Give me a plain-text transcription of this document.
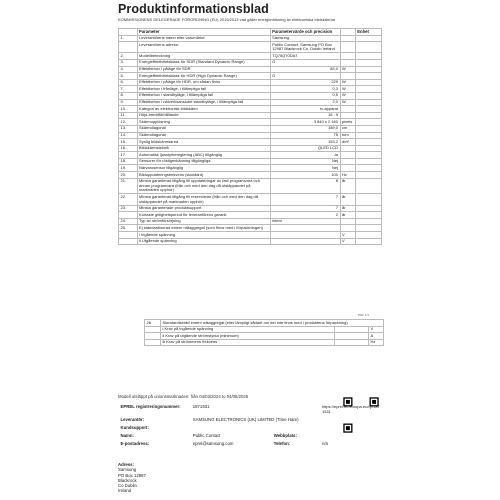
Produktinformationsblad
KOMMISSIONENS DELEGERADE FÖRORDNING (EU) 2019/2013 vad gäller energimärkning av elektroniska bildskärmar
	Parameter	Parametervärde och precision		Enhet
1.	Leverantörens namn eller varumärke:	Samsung		
	Leverantörens adress:	Public Contact, Samsung PO Box 12987 Blackrock Co. Dublin Ireland		
2.	Modellbeteckning	TQ75Q70DAT		
3.	Energieffektivitetsklass för SDR (Standard Dynamic Range)	G		
4.	Effektbehov i påläge för SDR	83,0	W	
5.	Energieffektivitetsklass för HDR (High Dynamic Range)	G		
6.	Effektbehov i påläge för HDR, om sådan finns	229	W	
7.	Effektbehov i frånläge, i tillämpliga fall	0,3	W	
8.	Effektbehov i standbyläge, i tillämpliga fall	0,5	W	
9.	Effektbehov i nätverksanslutet standbyläge, i tillämpliga fall	2,0	W	
10.	Kategori av elektronisk bildskärm	tv-apparat		
11.	Höjd-breddförhållande	16 : 9		
12.	Skärmupplösning	3 840 x 2 160	pixels	
13.	Skärmdiagonal	189,0	cm	
14.	Skärmdiagonal	75	tum	
15.	Synlig bildskärmsarea	153,2	dm²	
16.	Bildskärmsteknik	QLED LCD		
17.	Automatisk ljusstyrkereglering (ABC) tillgänglig	Ja		
18.	Sensorer för röstigenkänning tillgängliga	Nej		
19.	Närvarosensor tillgänglig	Nej		
20.	Bilduppdateringsfrekvens (standard)	100	Hz	
21.	Minsta garanterad tillgång till uppdateringar av fast programvara och annan programvara (från och med den dag då utsläppandet på marknaden upphör)	8	år	
22.	Minsta garanterad tillgång till reservdelar (från och med den dag då utsläppandet på marknaden upphör)	7	år	
23.	Minsta garanterade produktsupport	7	år	
	Kortaste giltighetsperiod för leverantörens garanti	2	år	
24.	Typ av strömförsörjning	intern		
25.	Ej standardiserad extern nätaggregat (som finns med i förpackningen)			
	i Ingående spänning		V	
	ii Utgående spänning		V	
PDF 1/1
26.	Standardiserad extern nätaggregat (eller lämpligt sådant om det inte finns med i produktens förpackning)		
	i Krav på ingående spänning		V
	ii Krav på utgående strömstyrka (minimum)		A
	iii Krav på strömmens frekvens		Hz
Modell utsläppt på unionsmarknaden: från 04/03/2024 to 04/08/2025
EPREL registreringsnummer:	1871531		https://eprel.ec.europa.eu/qr/1871531
Leverantör:	SAMSUNG ELECTRONICS (UK) LIMITED (Trine Hare)		
Kundsupport:			
Namn:	Public Contact	Webbplats:	
E-postadress:	eprel@samsung.com	Telefon:	n/a
Adress:
Samsung
PO Box 12987
Blackrock
Co Dublin
Ireland
